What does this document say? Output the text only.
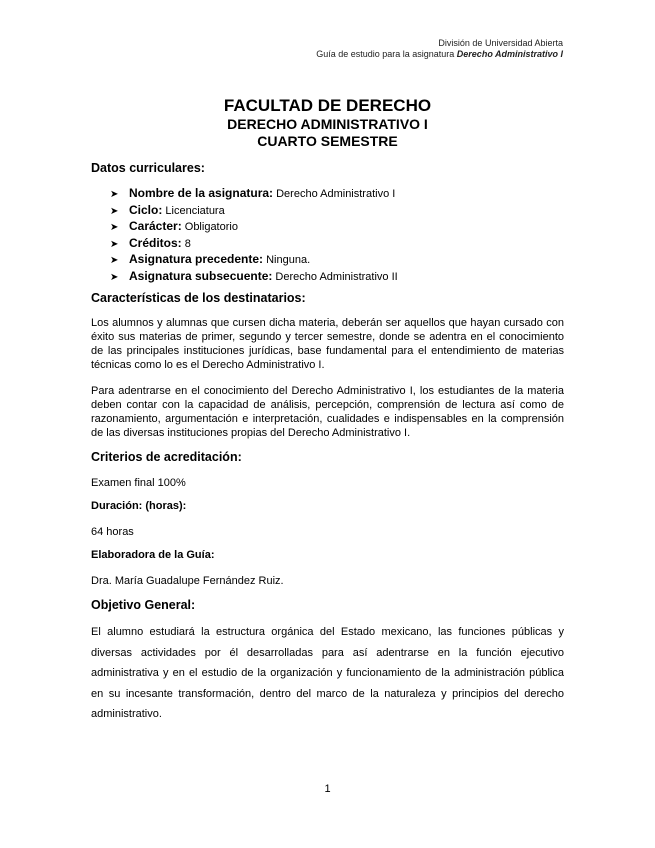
División de Universidad Abierta
Guía de estudio para la asignatura Derecho Administrativo I
FACULTAD DE DERECHO
DERECHO ADMINISTRATIVO I
CUARTO SEMESTRE
Datos curriculares:
➤ Nombre de la asignatura: Derecho Administrativo I
➤ Ciclo: Licenciatura
➤ Carácter: Obligatorio
➤ Créditos: 8
➤ Asignatura precedente: Ninguna.
➤ Asignatura subsecuente: Derecho Administrativo II
Características de los destinatarios:
Los alumnos y alumnas que cursen dicha materia, deberán ser aquellos que hayan cursado con éxito sus materias de primer, segundo y tercer semestre, donde se adentra en el conocimiento de las principales instituciones jurídicas, base fundamental para el entendimiento de materias técnicas como lo es el Derecho Administrativo I.
Para adentrarse en el conocimiento del Derecho Administrativo I, los estudiantes de la materia deben contar con la capacidad de análisis, percepción, comprensión de lectura así como de razonamiento, argumentación e interpretación, cualidades e indispensables en la comprensión de las diversas instituciones propias del Derecho Administrativo I.
Criterios de acreditación:
Examen final 100%
Duración: (horas):
64 horas
Elaboradora de la Guía:
Dra. María Guadalupe Fernández Ruiz.
Objetivo General:
El alumno estudiará la estructura orgánica del Estado mexicano, las funciones públicas y diversas actividades por él desarrolladas para así adentrarse en la función ejecutivo administrativa y en el estudio de la organización y funcionamiento de la administración pública en su incesante transformación, dentro del marco de la naturaleza y principios del derecho administrativo.
1
